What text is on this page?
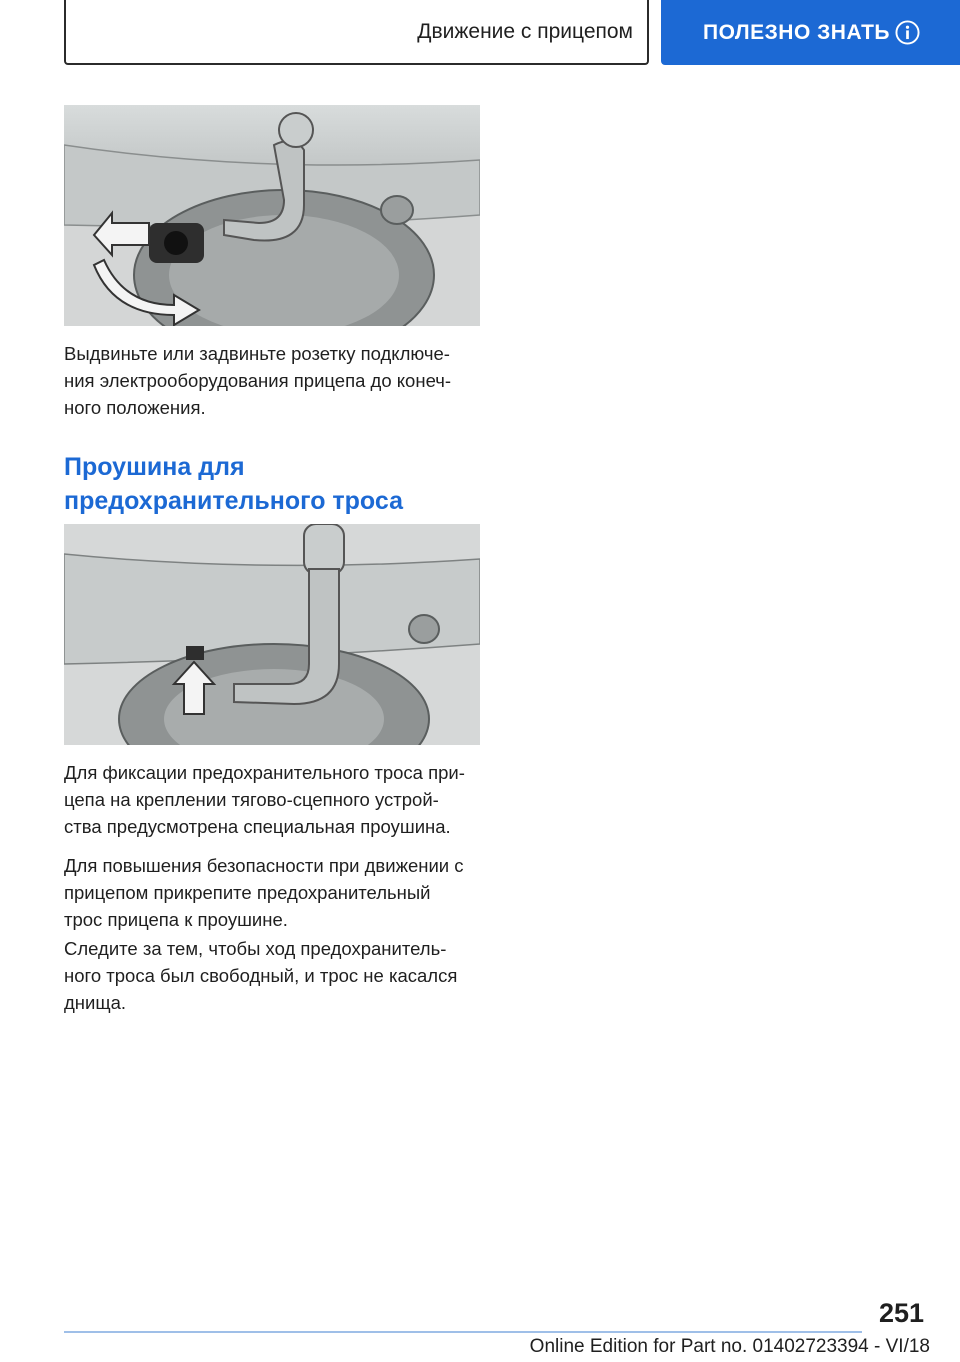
Движение с прицепом	ПОЛЕЗНО ЗНАТЬ
Выдвиньте или задвиньте розетку подключе-
ния электрооборудования прицепа до конеч-
ного положения.
Проушина для
предохранительного троса
Для фиксации предохранительного троса при-
цепа на креплении тягово-сцепного устрой-
ства предусмотрена специальная проушина.
Для повышения безопасности при движении с
прицепом прикрепите предохранительный
трос прицепа к проушине.
Следите за тем, чтобы ход предохранитель-
ного троса был свободный, и трос не касался
днища.
251
Online Edition for Part no. 01402723394 - VI/18
